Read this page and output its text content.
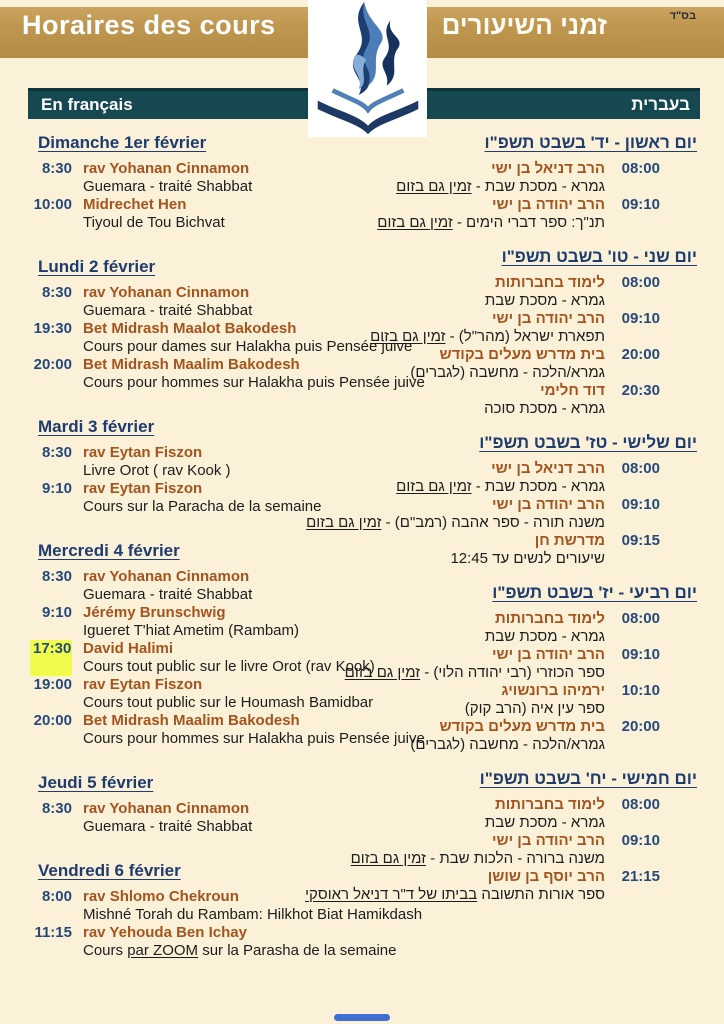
בס"ד
Horaires des cours	זמני השיעורים
En français	בעברית
Dimanche 1er février
8:30 rav Yohanan Cinnamon
Guemara - traité Shabbat
10:00 Midrechet Hen
Tiyoul de Tou Bichvat
Lundi 2 février
8:30 rav Yohanan Cinnamon
Guemara - traité Shabbat
19:30 Bet Midrash Maalot Bakodesh
Cours pour dames sur Halakha puis Pensée juive
20:00 Bet Midrash Maalim Bakodesh
Cours pour hommes sur Halakha puis Pensée juive
Mardi 3 février
8:30 rav Eytan Fiszon
Livre Orot ( rav Kook )
9:10 rav Eytan Fiszon
Cours sur la Paracha de la semaine
Mercredi 4 février
8:30 rav Yohanan Cinnamon
Guemara - traité Shabbat
9:10 Jérémy Brunschwig
Igueret T'hiat Ametim (Rambam)
17:30 David Halimi
Cours tout public sur le livre Orot (rav Kook)
19:00 rav Eytan Fiszon
Cours tout public sur le Houmash Bamidbar
20:00 Bet Midrash Maalim Bakodesh
Cours pour hommes sur Halakha puis Pensée juive
Jeudi 5 février
8:30 rav Yohanan Cinnamon
Guemara - traité Shabbat
Vendredi 6 février
8:00 rav Shlomo Chekroun
Mishné Torah du Rambam: Hilkhot Biat Hamikdash
11:15 rav Yehouda Ben Ichay
Cours par ZOOM sur la Parasha de la semaine
יום ראשון - יד' בשבט תשפ"ו
08:00
הרב דניאל בן ישי
גמרא - מסכת שבת - זמין גם בזום
09:10
הרב יהודה בן ישי
תנ"ך: ספר דברי הימים - זמין גם בזום
יום שני - טו' בשבט תשפ"ו
08:00
לימוד בחברותות
גמרא - מסכת שבת
09:10
הרב יהודה בן ישי
תפארת ישראל (מהר"ל) - זמין גם בזום
20:00
בית מדרש מעלים בקודש
גמרא/הלכה - מחשבה (לגברים)
20:30
דוד חלימי
גמרא - מסכת סוכה
יום שלישי - טז' בשבט תשפ"ו
08:00
הרב דניאל בן ישי
גמרא - מסכת שבת - זמין גם בזום
09:10
הרב יהודה בן ישי
משנה תורה - ספר אהבה (רמב"ם) - זמין גם בזום
09:15
מדרשת חן
שיעורים לנשים עד 12:45
יום רביעי - יז' בשבט תשפ"ו
08:00
לימוד בחברותות
גמרא - מסכת שבת
09:10
הרב יהודה בן ישי
ספר הכוזרי (רבי יהודה הלוי) - זמין גם בזום
10:10
ירמיהו ברונשויג
ספר עין איה (הרב קוק)
20:00
בית מדרש מעלים בקודש
גמרא/הלכה - מחשבה (לגברים)
יום חמישי - יח' בשבט תשפ"ו
08:00
לימוד בחברותות
גמרא - מסכת שבת
09:10
הרב יהודה בן ישי
משנה ברורה - הלכות שבת - זמין גם בזום
21:15
הרב יוסף בן שושן
ספר אורות התשובה בביתו של ד"ר דניאל ראוסקי
